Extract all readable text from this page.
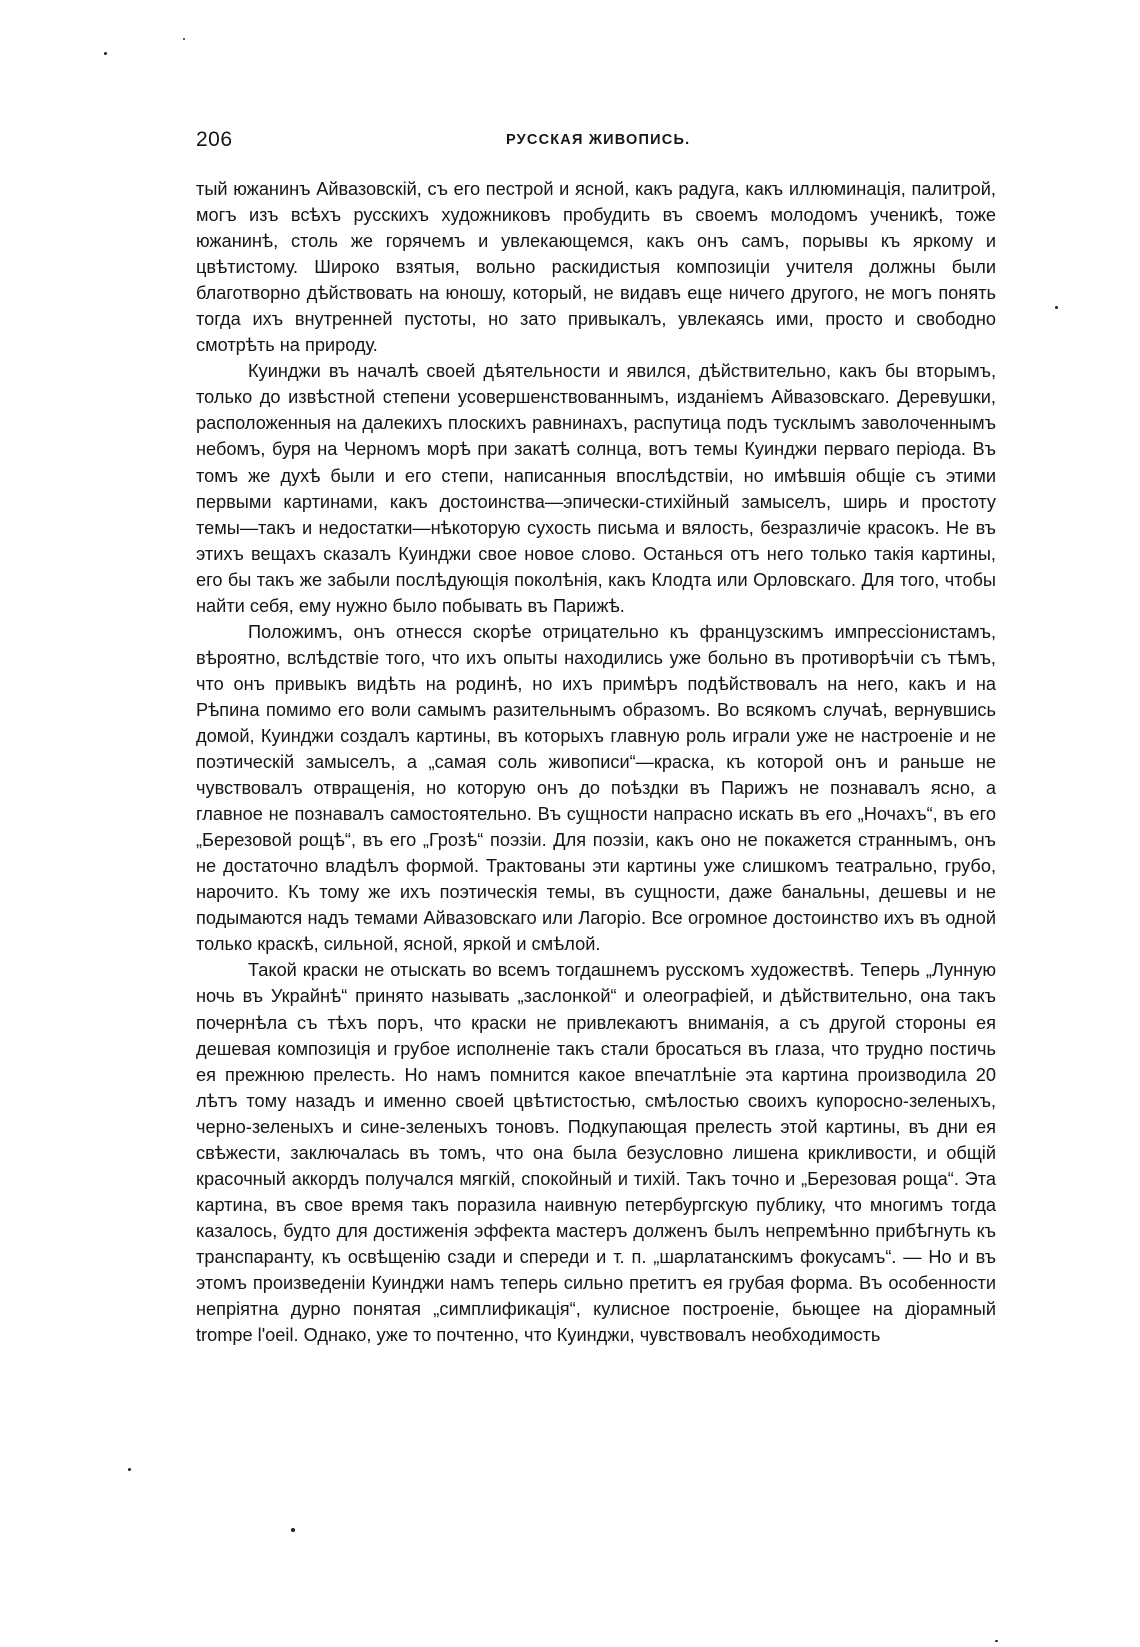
206	РУССКАЯ ЖИВОПИСЬ.

тый южанинъ Айвазовскій, съ его пестрой и ясной, какъ радуга, какъ иллюминація, палитрой, могъ изъ всѣхъ русскихъ художниковъ пробудить въ своемъ молодомъ ученикѣ, тоже южанинѣ, столь же горячемъ и увлекающемся, какъ онъ самъ, порывы къ яркому и цвѣтистому. Широко взятыя, вольно раскидистыя композиціи учителя должны были благотворно дѣйствовать на юношу, который, не видавъ еще ничего другого, не могъ понять тогда ихъ внутренней пустоты, но зато привыкалъ, увлекаясь ими, просто и свободно смотрѣть на природу.

Куинджи въ началѣ своей дѣятельности и явился, дѣйствительно, какъ бы вторымъ, только до извѣстной степени усовершенствованнымъ, изданіемъ Айвазовскаго. Деревушки, расположенныя на далекихъ плоскихъ равнинахъ, распутица подъ тусклымъ заволоченнымъ небомъ, буря на Черномъ морѣ при закатѣ солнца, вотъ темы Куинджи перваго періода. Въ томъ же духѣ были и его степи, написанныя впослѣдствіи, но имѣвшія общіе съ этими первыми картинами, какъ достоинства—эпически-стихійный замыселъ, ширь и простоту темы—такъ и недостатки—нѣкоторую сухость письма и вялость, безразличіе красокъ. Не въ этихъ вещахъ сказалъ Куинджи свое новое слово. Останься отъ него только такія картины, его бы такъ же забыли послѣдующія поколѣнія, какъ Клодта или Орловскаго. Для того, чтобы найти себя, ему нужно было побывать въ Парижѣ.

Положимъ, онъ отнесся скорѣе отрицательно къ французскимъ импрессіонистамъ, вѣроятно, вслѣдствіе того, что ихъ опыты находились уже больно въ противорѣчіи съ тѣмъ, что онъ привыкъ видѣть на родинѣ, но ихъ примѣръ подѣйствовалъ на него, какъ и на Рѣпина помимо его воли самымъ разительнымъ образомъ. Во всякомъ случаѣ, вернувшись домой, Куинджи создалъ картины, въ которыхъ главную роль играли уже не настроеніе и не поэтическій замыселъ, а „самая соль живописи“—краска, къ которой онъ и раньше не чувствовалъ отвращенія, но которую онъ до поѣздки въ Парижъ не познавалъ ясно, а главное не познавалъ самостоятельно. Въ сущности напрасно искать въ его „Ночахъ“, въ его „Березовой рощѣ“, въ его „Грозѣ“ поэзіи. Для поэзіи, какъ оно не покажется страннымъ, онъ не достаточно владѣлъ формой. Трактованы эти картины уже слишкомъ театрально, грубо, нарочито. Къ тому же ихъ поэтическія темы, въ сущности, даже банальны, дешевы и не подымаются надъ темами Айвазовскаго или Лагоріо. Все огромное достоинство ихъ въ одной только краскѣ, сильной, ясной, яркой и смѣлой.

Такой краски не отыскать во всемъ тогдашнемъ русскомъ художествѣ. Теперь „Лунную ночь въ Украйнѣ“ принято называть „заслонкой“ и олеографіей, и дѣйствительно, она такъ почернѣла съ тѣхъ поръ, что краски не привлекаютъ вниманія, а съ другой стороны ея дешевая композиція и грубое исполненіе такъ стали бросаться въ глаза, что трудно постичь ея прежнюю прелесть. Но намъ помнится какое впечатлѣніе эта картина производила 20 лѣтъ тому назадъ и именно своей цвѣтистостью, смѣлостью своихъ купоросно-зеленыхъ, черно-зеленыхъ и сине-зеленыхъ тоновъ. Подкупающая прелесть этой картины, въ дни ея свѣжести, заключалась въ томъ, что она была безусловно лишена крикливости, и общій красочный аккордъ получался мягкій, спокойный и тихій. Такъ точно и „Березовая роща“. Эта картина, въ свое время такъ поразила наивную петербургскую публику, что многимъ тогда казалось, будто для достиженія эффекта мастеръ долженъ былъ непремѣнно прибѣгнуть къ транспаранту, къ освѣщенію сзади и спереди и т. п. „шарлатанскимъ фокусамъ“. — Но и въ этомъ произведеніи Куинджи намъ теперь сильно претитъ ея грубая форма. Въ особенности непріятна дурно понятая „симплификація“, кулисное построеніе, бьющее на діорамный trompe l'oeil. Однако, уже то почтенно, что Куинджи, чувствовалъ необходимость
